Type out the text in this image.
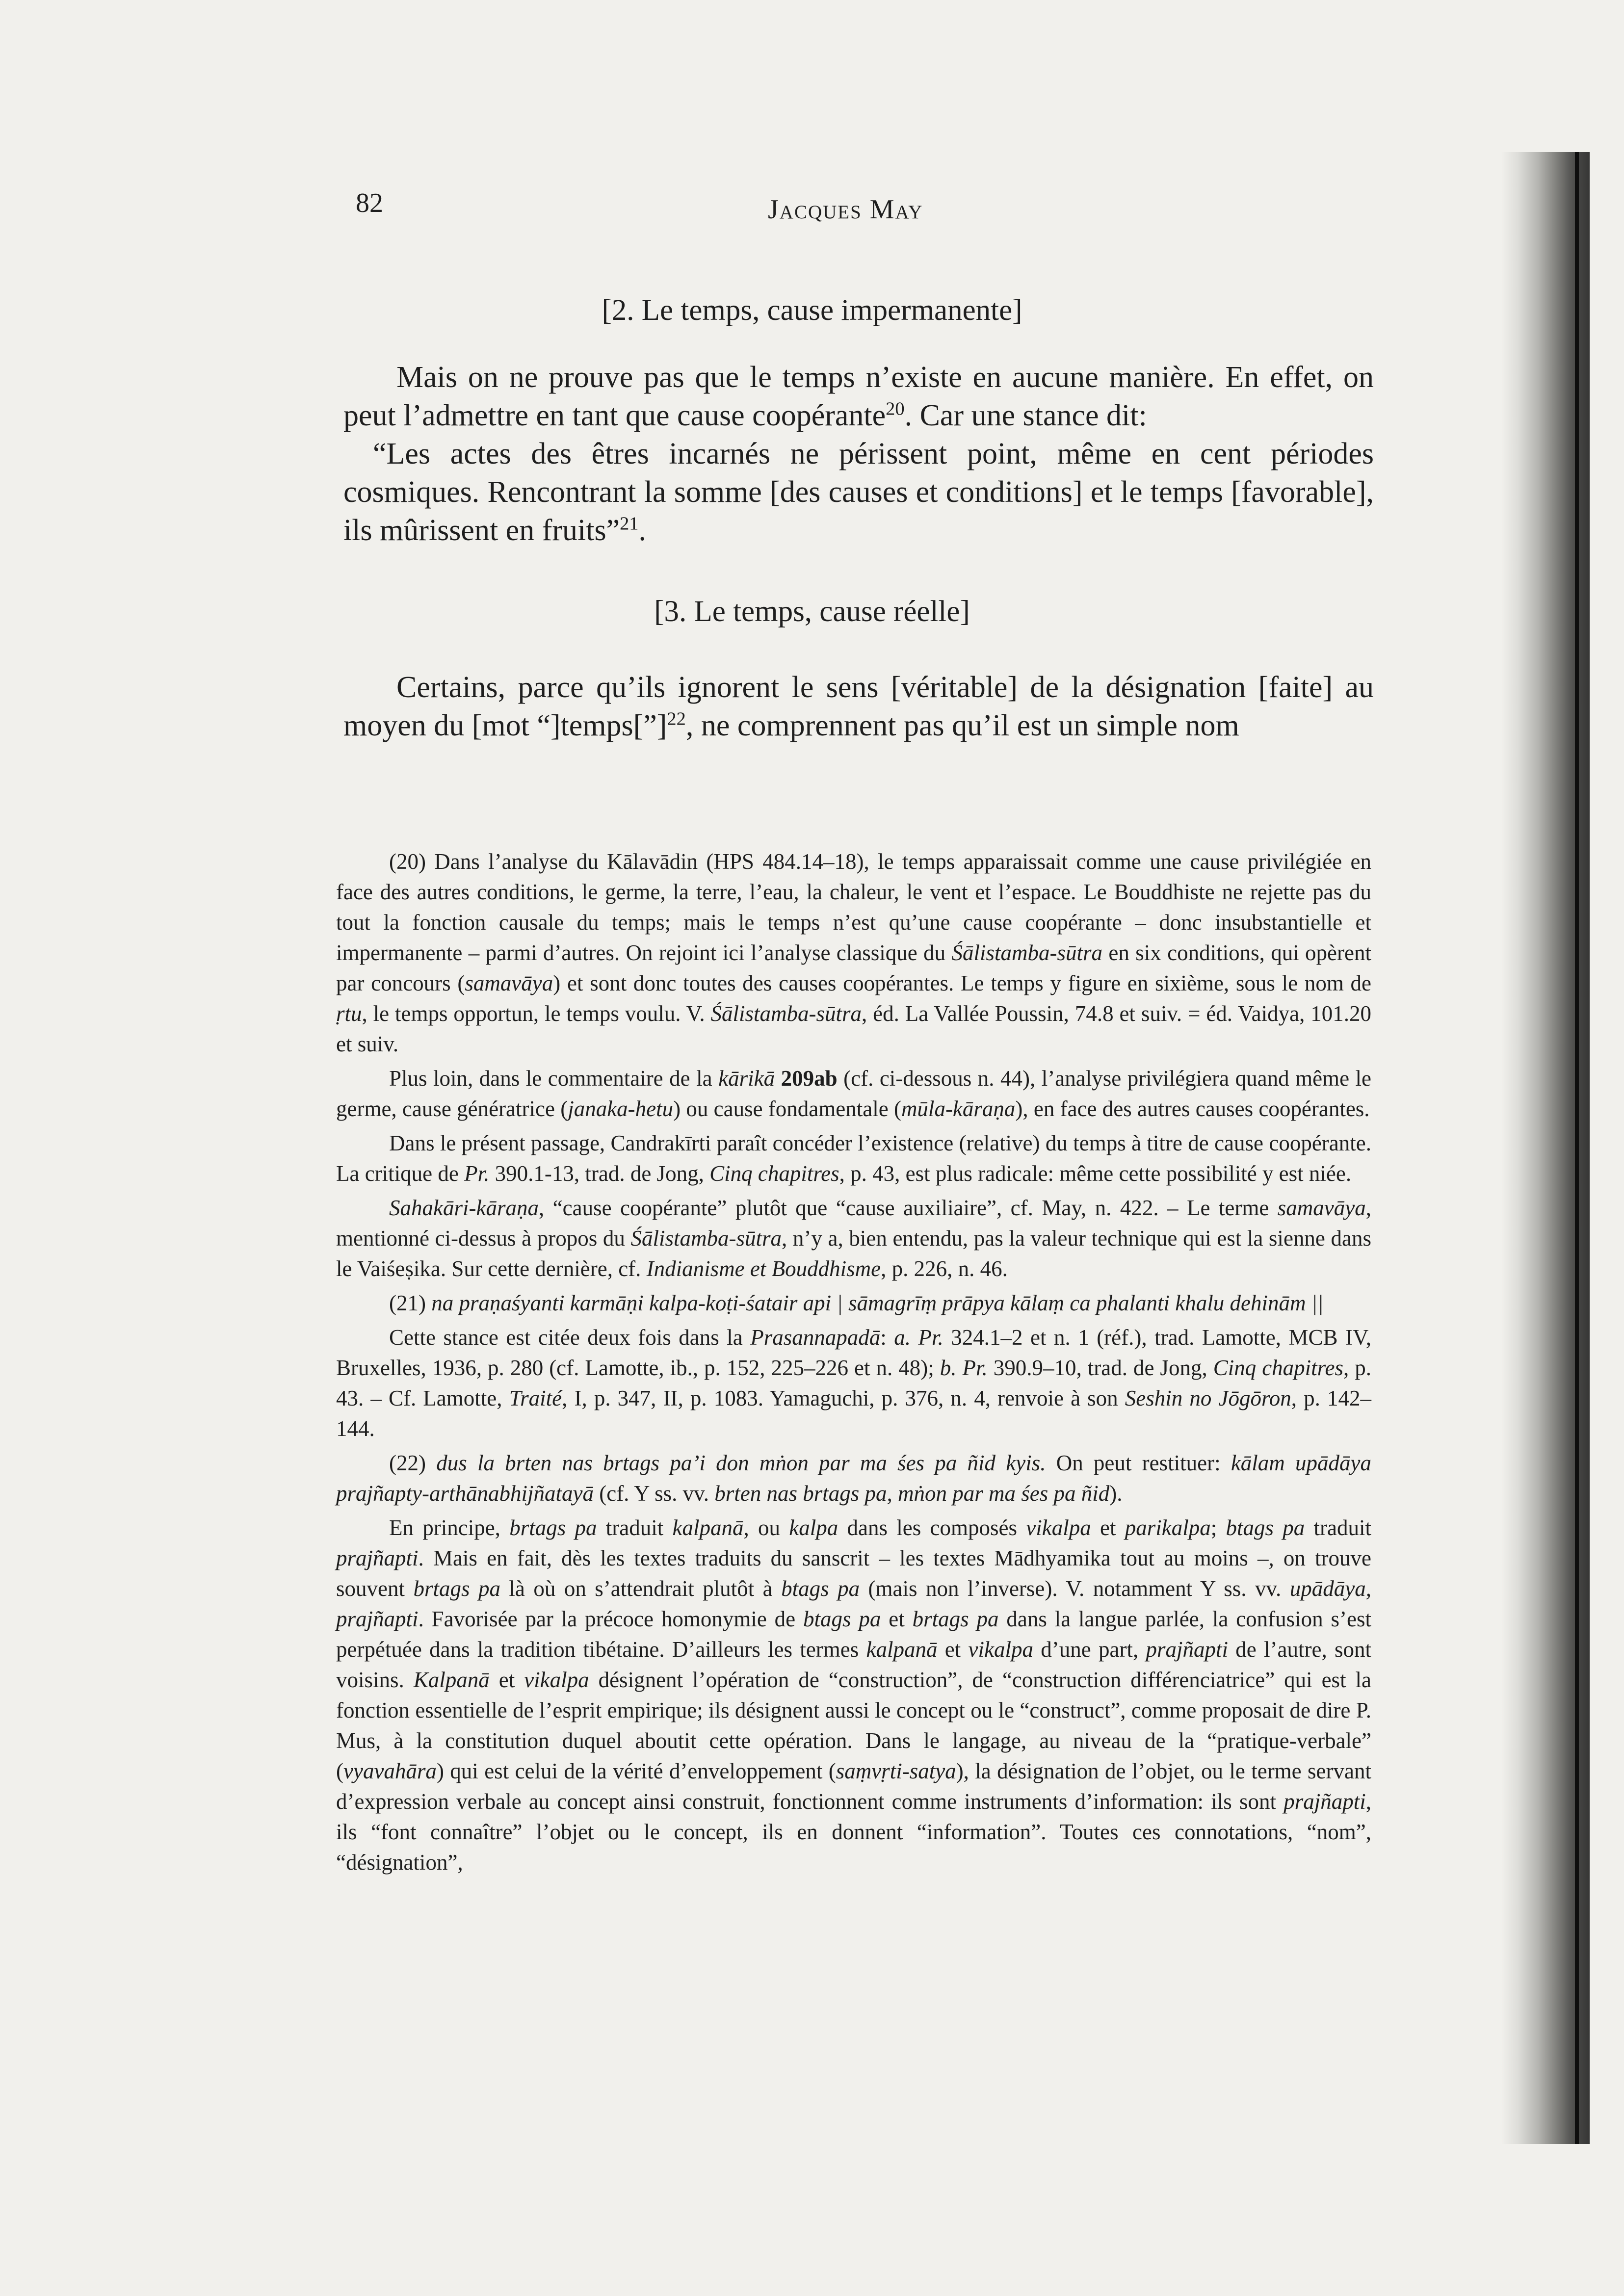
82	Jacques May
[2. Le temps, cause impermanente]

Mais on ne prouve pas que le temps n’existe en aucune manière. En effet, on peut l’admettre en tant que cause coopérante$^{20}$. Car une stance dit:

“Les actes des êtres incarnés ne périssent point, même en cent périodes cosmiques. Rencontrant la somme [des causes et conditions] et le temps [favorable], ils mûrissent en fruits”$^{21}$.

[3. Le temps, cause réelle]

Certains, parce qu’ils ignorent le sens [véritable] de la désignation [faite] au moyen du [mot “]temps[”]$^{22}$, ne comprennent pas qu’il est un simple nom

(20) Dans l’analyse du Kālavādin (HPS 484.14–18), le temps apparaissait comme une cause privilégiée en face des autres conditions, le germe, la terre, l’eau, la chaleur, le vent et l’espace. Le Bouddhiste ne rejette pas du tout la fonction causale du temps; mais le temps n’est qu’une cause coopérante – donc insubstantielle et impermanente – parmi d’autres. On rejoint ici l’analyse classique du Śālistamba-sūtra en six conditions, qui opèrent par concours (samavāya) et sont donc toutes des causes coopérantes. Le temps y figure en sixième, sous le nom de ṛtu, le temps opportun, le temps voulu. V. Śālistamba-sūtra, éd. La Vallée Poussin, 74.8 et suiv. = éd. Vaidya, 101.20 et suiv.

Plus loin, dans le commentaire de la kārikā 209ab (cf. ci-dessous n. 44), l’analyse privilégiera quand même le germe, cause génératrice (janaka-hetu) ou cause fondamentale (mūla-kāraṇa), en face des autres causes coopérantes.

Dans le présent passage, Candrakīrti paraît concéder l’existence (relative) du temps à titre de cause coopérante. La critique de Pr. 390.1-13, trad. de Jong, Cinq chapitres, p. 43, est plus radicale: même cette possibilité y est niée.

Sahakāri-kāraṇa, “cause coopérante” plutôt que “cause auxiliaire”, cf. May, n. 422. – Le terme samavāya, mentionné ci-dessus à propos du Śālistamba-sūtra, n’y a, bien entendu, pas la valeur technique qui est la sienne dans le Vaiśeṣika. Sur cette dernière, cf. Indianisme et Bouddhisme, p. 226, n. 46.

(21) na praṇaśyanti karmāṇi kalpa-koṭi-śatair api | sāmagrīṃ prāpya kālaṃ ca phalanti khalu dehinām ||

Cette stance est citée deux fois dans la Prasannapadā: a. Pr. 324.1–2 et n. 1 (réf.), trad. Lamotte, MCB IV, Bruxelles, 1936, p. 280 (cf. Lamotte, ib., p. 152, 225–226 et n. 48); b. Pr. 390.9–10, trad. de Jong, Cinq chapitres, p. 43. – Cf. Lamotte, Traité, I, p. 347, II, p. 1083. Yamaguchi, p. 376, n. 4, renvoie à son Seshin no Jōgōron, p. 142–144.

(22) dus la brten nas brtags pa’i don mṅon par ma śes pa ñid kyis. On peut restituer: kālam upādāya prajñapty-arthānabhijñatayā (cf. Y ss. vv. brten nas brtags pa, mṅon par ma śes pa ñid).

En principe, brtags pa traduit kalpanā, ou kalpa dans les composés vikalpa et parikalpa; btags pa traduit prajñapti. Mais en fait, dès les textes traduits du sanscrit – les textes Mādhyamika tout au moins –, on trouve souvent brtags pa là où on s’attendrait plutôt à btags pa (mais non l’inverse). V. notamment Y ss. vv. upādāya, prajñapti. Favorisée par la précoce homonymie de btags pa et brtags pa dans la langue parlée, la confusion s’est perpétuée dans la tradition tibétaine. D’ailleurs les termes kalpanā et vikalpa d’une part, prajñapti de l’autre, sont voisins. Kalpanā et vikalpa désignent l’opération de “construction”, de “construction différenciatrice” qui est la fonction essentielle de l’esprit empirique; ils désignent aussi le concept ou le “construct”, comme proposait de dire P. Mus, à la constitution duquel aboutit cette opération. Dans le langage, au niveau de la “pratique-verbale” (vyavahāra) qui est celui de la vérité d’enveloppement (saṃvṛti-satya), la désignation de l’objet, ou le terme servant d’expression verbale au concept ainsi construit, fonctionnent comme instruments d’information: ils sont prajñapti, ils “font connaître” l’objet ou le concept, ils en donnent “information”. Toutes ces connotations, “nom”, “désignation”,
